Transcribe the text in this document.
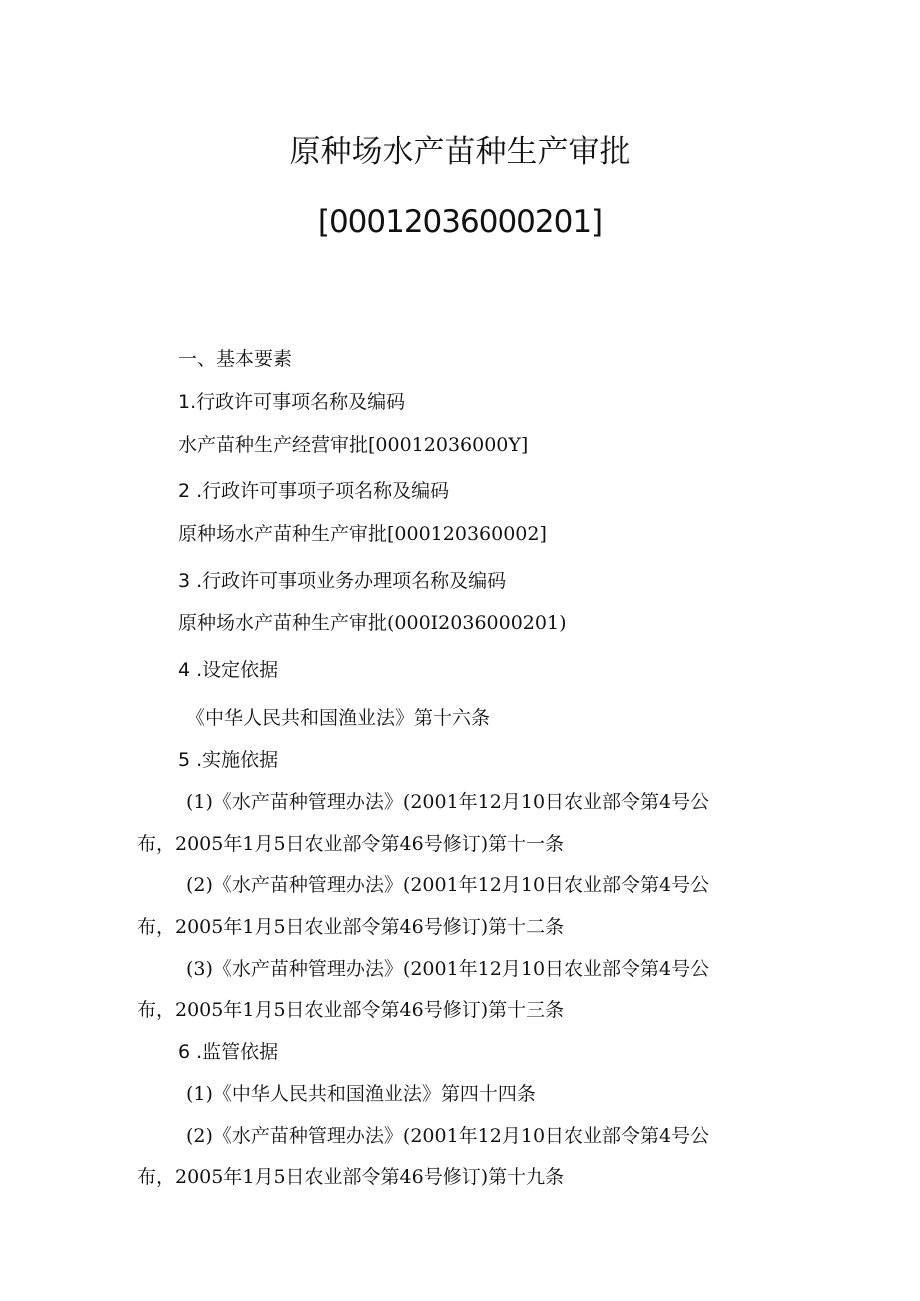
原种场水产苗种生产审批
[00012036000201]
一、基本要素
1.行政许可事项名称及编码
水产苗种生产经营审批[00012036000Y]
2 .行政许可事项子项名称及编码
原种场水产苗种生产审批[000120360002]
3 .行政许可事项业务办理项名称及编码
原种场水产苗种生产审批(000I2036000201)
4 .设定依据
《中华人民共和国渔业法》第十六条
5 .实施依据
(1)《水产苗种管理办法》(2001年12月10日农业部令第4号公
布，2005年1月5日农业部令第46号修订)第十一条
(2)《水产苗种管理办法》(2001年12月10日农业部令第4号公
布，2005年1月5日农业部令第46号修订)第十二条
(3)《水产苗种管理办法》(2001年12月10日农业部令第4号公
布，2005年1月5日农业部令第46号修订)第十三条
6 .监管依据
(1)《中华人民共和国渔业法》第四十四条
(2)《水产苗种管理办法》(2001年12月10日农业部令第4号公
布，2005年1月5日农业部令第46号修订)第十九条
